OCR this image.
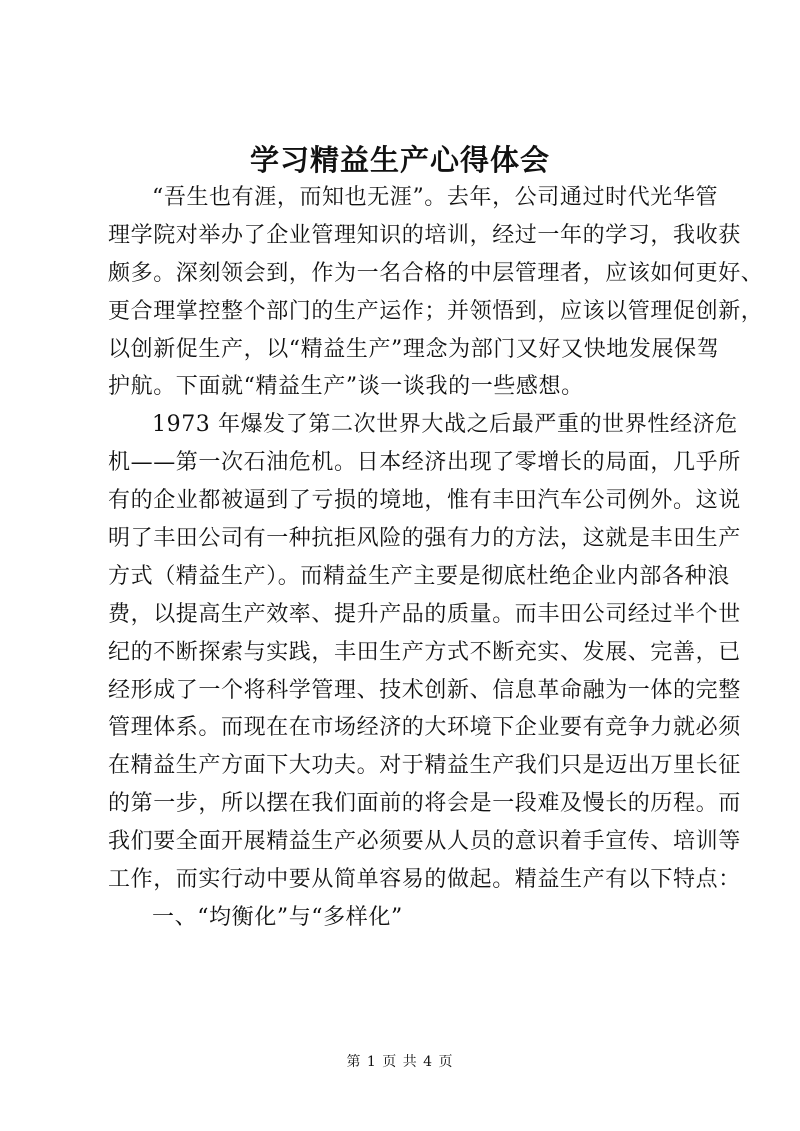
学习精益生产心得体会
“吾生也有涯，而知也无涯”。去年，公司通过时代光华管
理学院对举办了企业管理知识的培训，经过一年的学习，我收获
颇多。深刻领会到，作为一名合格的中层管理者，应该如何更好、
更合理掌控整个部门的生产运作；并领悟到，应该以管理促创新，
以创新促生产，以“精益生产”理念为部门又好又快地发展保驾
护航。下面就“精益生产”谈一谈我的一些感想。
1973 年爆发了第二次世界大战之后最严重的世界性经济危
机——第一次石油危机。日本经济出现了零增长的局面，几乎所
有的企业都被逼到了亏损的境地，惟有丰田汽车公司例外。这说
明了丰田公司有一种抗拒风险的强有力的方法，这就是丰田生产
方式（精益生产）。而精益生产主要是彻底杜绝企业内部各种浪
费，以提高生产效率、提升产品的质量。而丰田公司经过半个世
纪的不断探索与实践，丰田生产方式不断充实、发展、完善，已
经形成了一个将科学管理、技术创新、信息革命融为一体的完整
管理体系。而现在在市场经济的大环境下企业要有竞争力就必须
在精益生产方面下大功夫。对于精益生产我们只是迈出万里长征
的第一步，所以摆在我们面前的将会是一段难及慢长的历程。而
我们要全面开展精益生产必须要从人员的意识着手宣传、培训等
工作，而实行动中要从简单容易的做起。精益生产有以下特点：
一、“均衡化”与“多样化”
第 1 页 共 4 页
